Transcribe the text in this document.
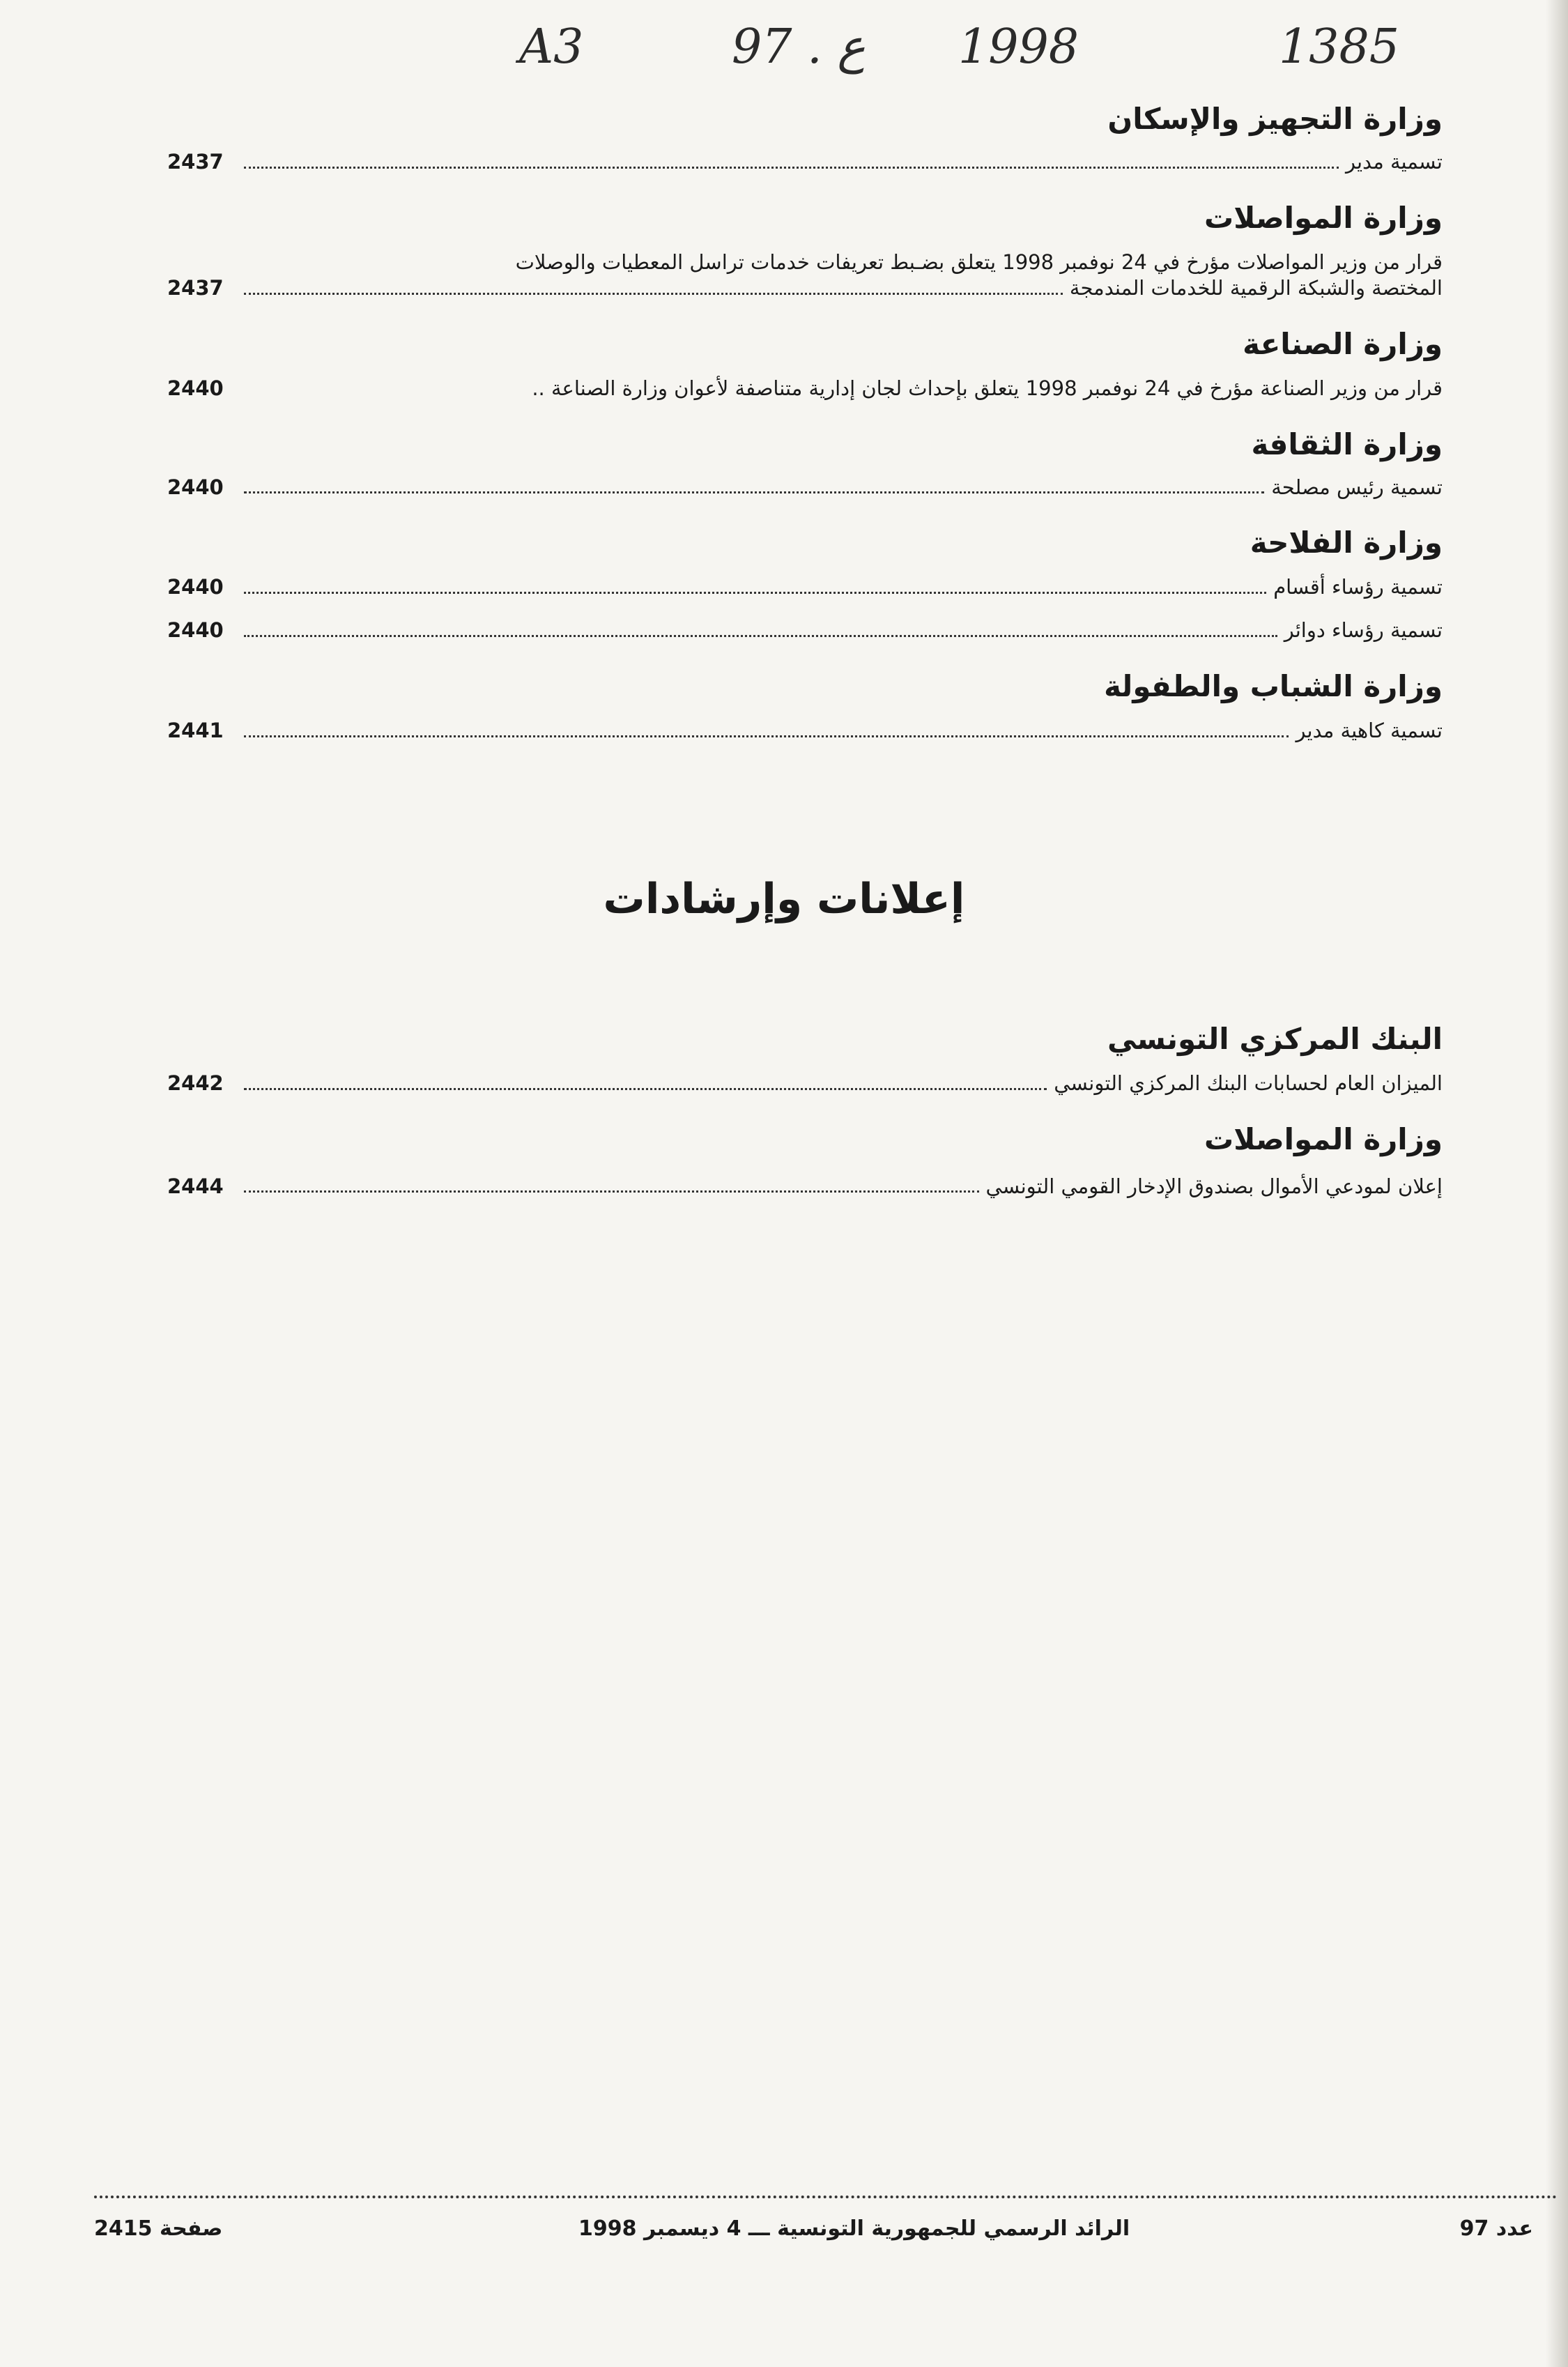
A3	97 . ع 1998	1385
وزارة التجهيز والإسكان
تسمية مدير
2437
وزارة المواصلات
قرار من وزير المواصلات مؤرخ في 24 نوفمبر 1998 يتعلق بضـبط تعريفات خدمات تراسل المعطيات والوصلات
المختصة والشبكة الرقمية للخدمات المندمجة
2437
وزارة الصناعة
قرار من وزير الصناعة مؤرخ في 24 نوفمبر 1998 يتعلق بإحداث لجان إدارية متناصفة لأعوان وزارة الصناعة ..
2440
وزارة الثقافة
تسمية رئيس مصلحة
2440
وزارة الفلاحة
تسمية رؤساء أقسام
2440
تسمية رؤساء دوائر
2440
وزارة الشباب والطفولة
تسمية كاهية مدير
2441
إعلانات وإرشادات
البنك المركزي التونسي
الميزان العام لحسابات البنك المركزي التونسي
2442
وزارة المواصلات
إعلان لمودعي الأموال بصندوق الإدخار القومي التونسي
2444
عدد 97
الرائد الرسمي للجمهورية التونسية ـــ 4 ديسمبر 1998
صفحة 2415
